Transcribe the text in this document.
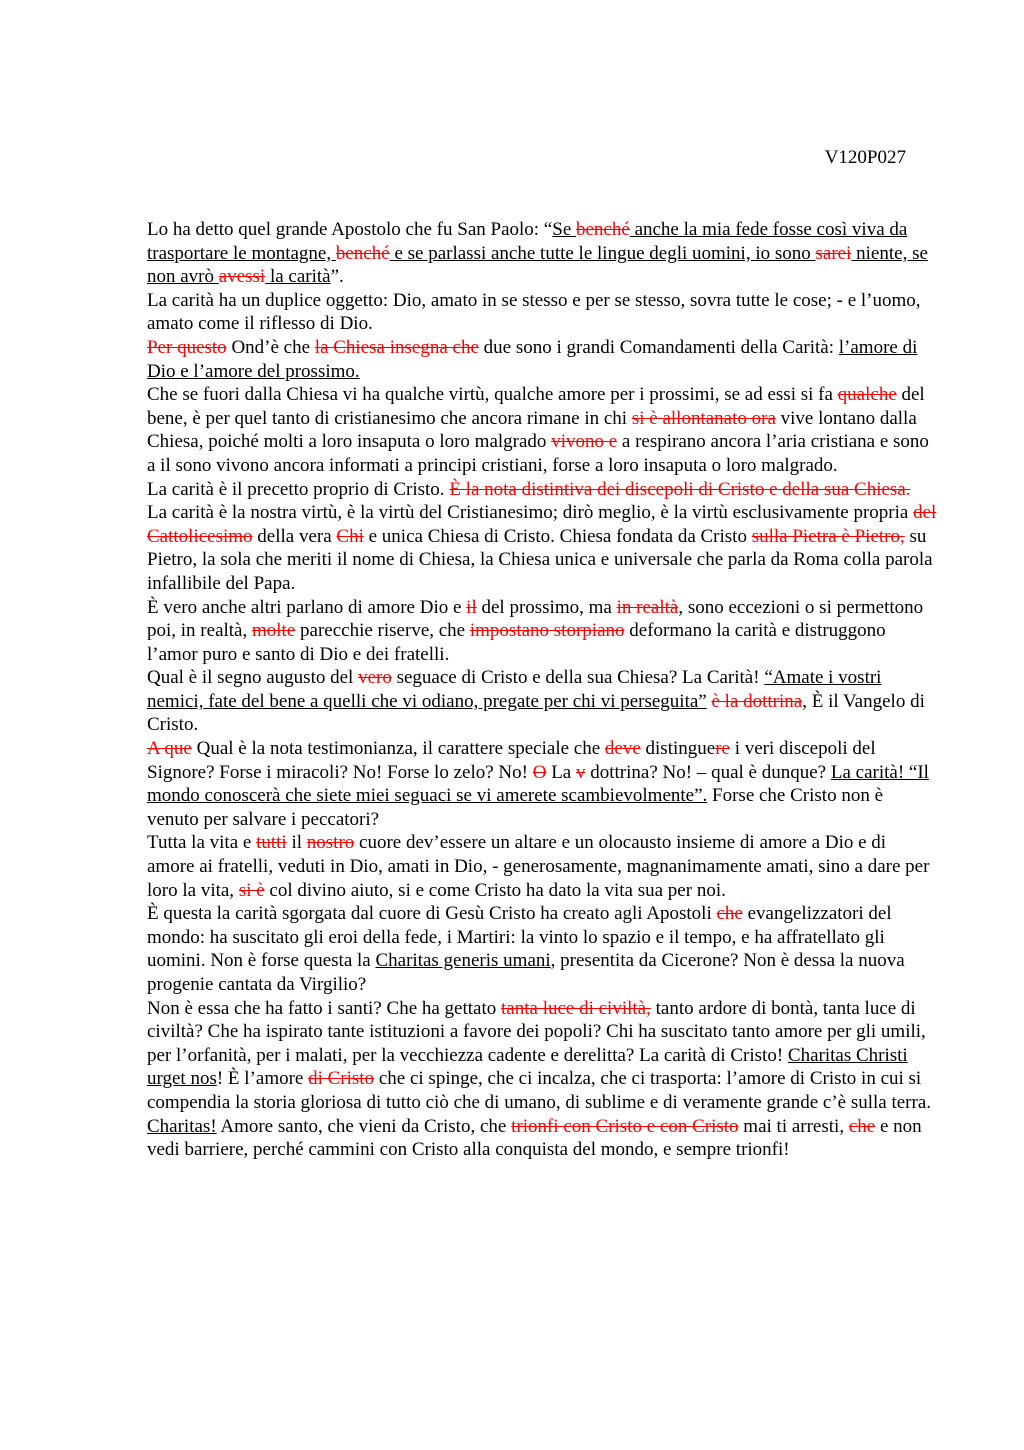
V120P027

Lo ha detto quel grande Apostolo che fu San Paolo: “Se benché anche la mia fede fosse così viva da trasportare le montagne, benché e se parlassi anche tutte le lingue degli uomini, io sono sarei niente, se non avrò avessi la carità”.

La carità ha un duplice oggetto: Dio, amato in se stesso e per se stesso, sovra tutte le cose; - e l’uomo, amato come il riflesso di Dio.

Per questo Ond’è che la Chiesa insegna che due sono i grandi Comandamenti della Carità: l’amore di Dio e l’amore del prossimo.

Che se fuori dalla Chiesa vi ha qualche virtù, qualche amore per i prossimi, se ad essi si fa qualche del bene, è per quel tanto di cristianesimo che ancora rimane in chi si è allontanato ora vive lontano dalla Chiesa, poiché molti a loro insaputa o loro malgrado vivono e a respirano ancora l’aria cristiana e sono a il sono vivono ancora informati a principi cristiani, forse a loro insaputa o loro malgrado.

La carità è il precetto proprio di Cristo. È la nota distintiva dei discepoli di Cristo e della sua Chiesa.

La carità è la nostra virtù, è la virtù del Cristianesimo; dirò meglio, è la virtù esclusivamente propria del Cattolicesimo della vera Chi e unica Chiesa di Cristo. Chiesa fondata da Cristo sulla Pietra è Pietro, su Pietro, la sola che meriti il nome di Chiesa, la Chiesa unica e universale che parla da Roma colla parola infallibile del Papa.

È vero anche altri parlano di amore Dio e il del prossimo, ma in realtà, sono eccezioni o si permettono poi, in realtà, molte parecchie riserve, che impostano storpiano deformano la carità e distruggono l’amor puro e santo di Dio e dei fratelli.

Qual è il segno augusto del vero seguace di Cristo e della sua Chiesa? La Carità! “Amate i vostri nemici, fate del bene a quelli che vi odiano, pregate per chi vi perseguita” è la dottrina, È il Vangelo di Cristo.

A que Qual è la nota testimonianza, il carattere speciale che deve distinguere i veri discepoli del Signore? Forse i miracoli? No! Forse lo zelo? No! O La v dottrina? No! – qual è dunque? La carità! “Il mondo conoscerà che siete miei seguaci se vi amerete scambievolmente”. Forse che Cristo non è venuto per salvare i peccatori?

Tutta la vita e tutti il nostro cuore dev’essere un altare e un olocausto insieme di amore a Dio e di amore ai fratelli, veduti in Dio, amati in Dio, - generosamente, magnanimamente amati, sino a dare per loro la vita, si è col divino aiuto, si e come Cristo ha dato la vita sua per noi.

È questa la carità sgorgata dal cuore di Gesù Cristo ha creato agli Apostoli che evangelizzatori del mondo: ha suscitato gli eroi della fede, i Martiri: la vinto lo spazio e il tempo, e ha affratellato gli uomini. Non è forse questa la Charitas generis umani, presentita da Cicerone? Non è dessa la nuova progenie cantata da Virgilio?

Non è essa che ha fatto i santi? Che ha gettato tanta luce di civiltà, tanto ardore di bontà, tanta luce di civiltà? Che ha ispirato tante istituzioni a favore dei popoli? Chi ha suscitato tanto amore per gli umili, per l’orfanità, per i malati, per la vecchiezza cadente e derelitta? La carità di Cristo! Charitas Christi urget nos! È l’amore di Cristo che ci spinge, che ci incalza, che ci trasporta: l’amore di Cristo in cui si compendia la storia gloriosa di tutto ciò che di umano, di sublime e di veramente grande c’è sulla terra.

Charitas! Amore santo, che vieni da Cristo, che trionfi con Cristo e con Cristo mai ti arresti, che e non vedi barriere, perché cammini con Cristo alla conquista del mondo, e sempre trionfi!
